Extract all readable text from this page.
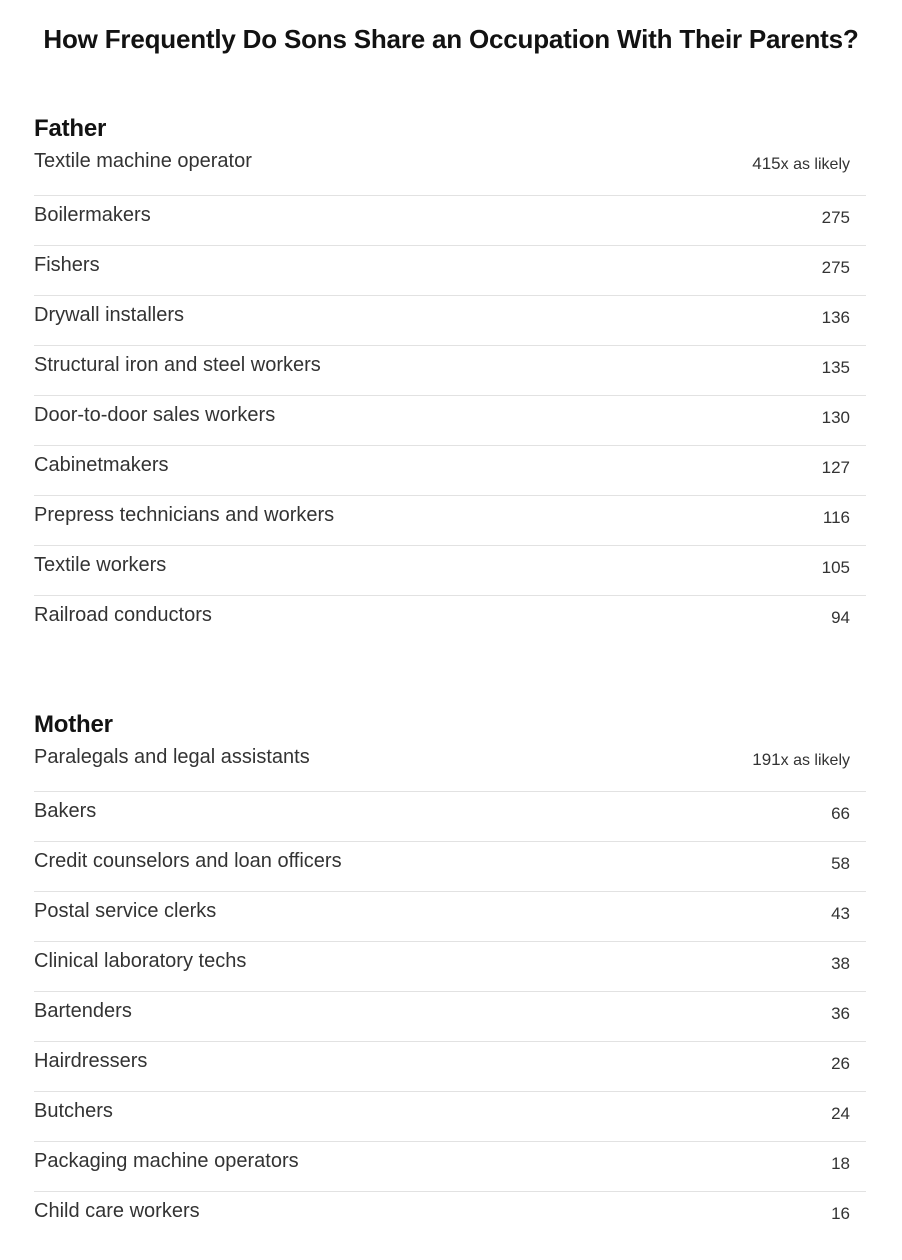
How Frequently Do Sons Share an Occupation With Their Parents?
Father
Textile machine operator	415x as likely
Boilermakers	275
Fishers	275
Drywall installers	136
Structural iron and steel workers	135
Door-to-door sales workers	130
Cabinetmakers	127
Prepress technicians and workers	116
Textile workers	105
Railroad conductors	94
Mother
Paralegals and legal assistants	191x as likely
Bakers	66
Credit counselors and loan officers	58
Postal service clerks	43
Clinical laboratory techs	38
Bartenders	36
Hairdressers	26
Butchers	24
Packaging machine operators	18
Child care workers	16
